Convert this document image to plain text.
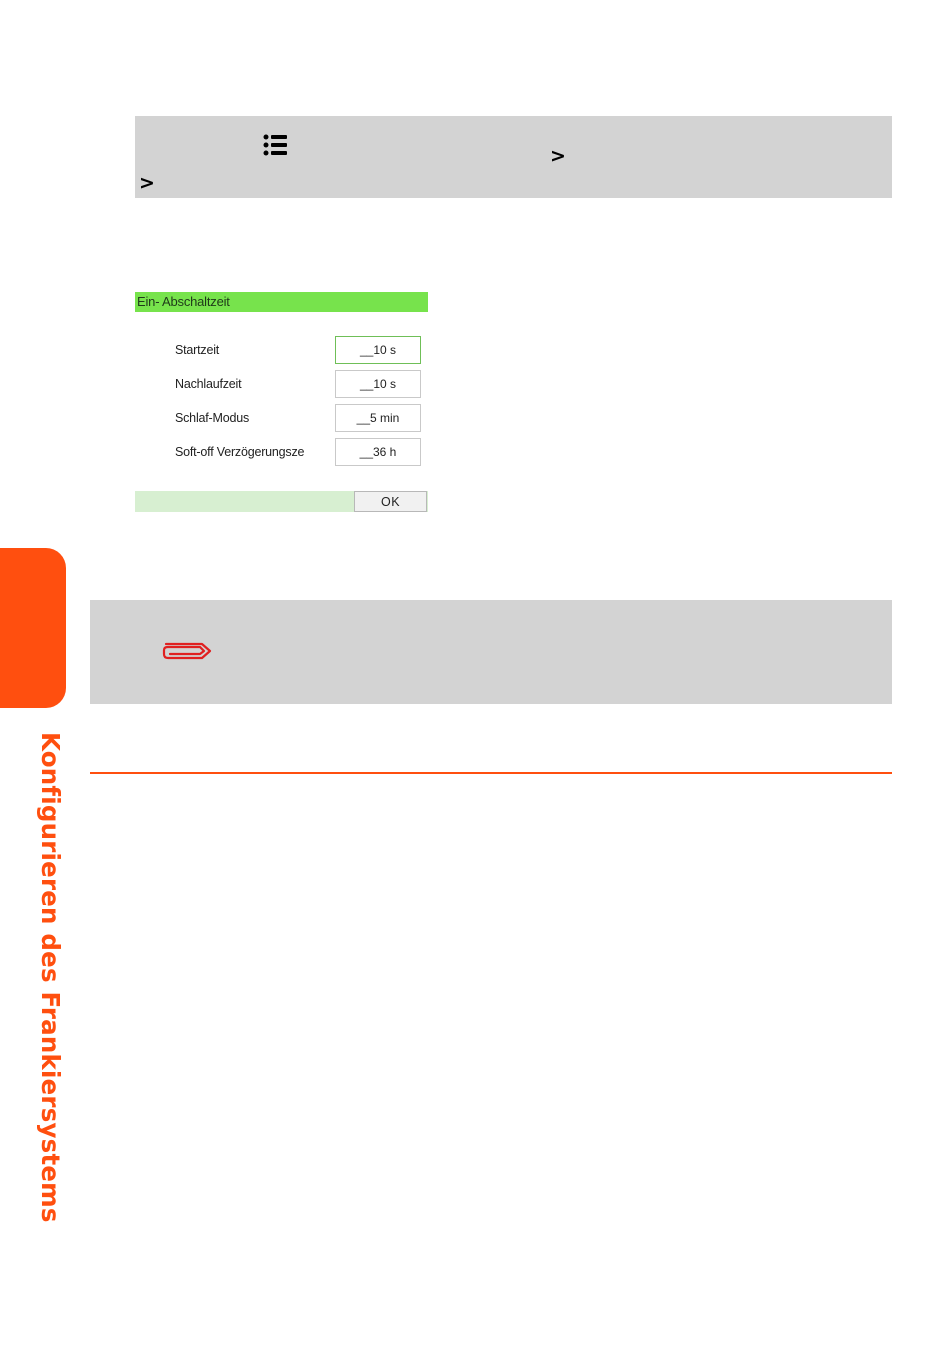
>
>
Ein- Abschaltzeit
Startzeit	__10 s
Nachlaufzeit	__10 s
Schlaf-Modus	__5 min
Soft-off Verzögerungsze	__36 h
OK
Konfigurieren des Frankiersystems
